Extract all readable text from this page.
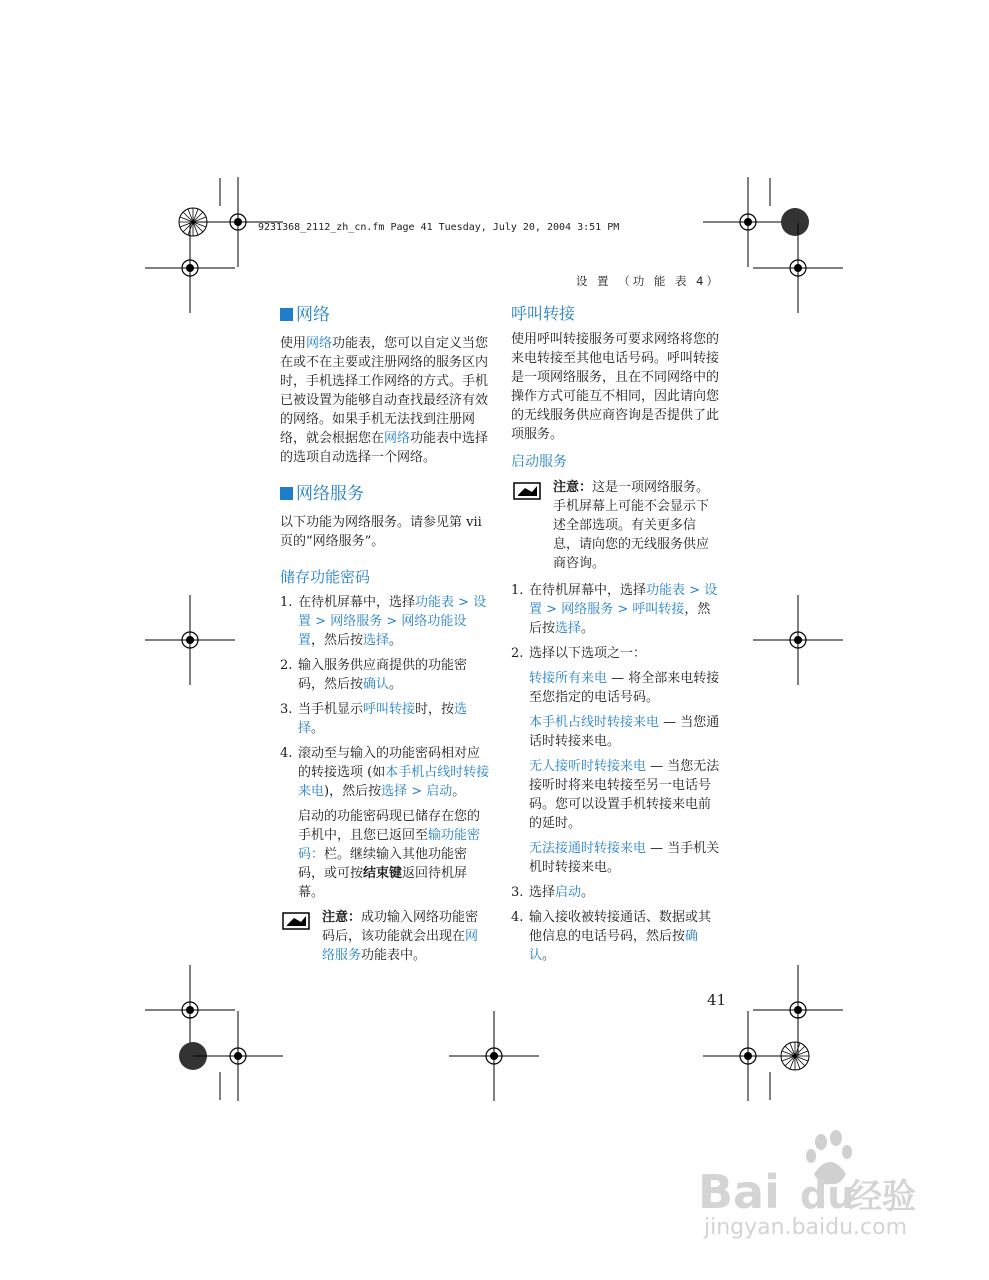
9231368_2112_zh_cn.fm Page 41 Tuesday, July 20, 2004 3:51 PM
设 置 （功 能 表 4）
网络
使用网络功能表，您可以自定义当您在或不在主要或注册网络的服务区内时，手机选择工作网络的方式。手机已被设置为能够自动查找最经济有效的网络。如果手机无法找到注册网络，就会根据您在网络功能表中选择的选项自动选择一个网络。
网络服务
以下功能为网络服务。请参见第 vii 页的“网络服务”。
储存功能密码
1. 在待机屏幕中，选择功能表 > 设置 > 网络服务 > 网络功能设置，然后按选择。
2. 输入服务供应商提供的功能密码，然后按确认。
3. 当手机显示呼叫转接时，按选择。
4. 滚动至与输入的功能密码相对应的转接选项 (如本手机占线时转接来电)，然后按选择 > 启动。
启动的功能密码现已储存在您的手机中，且您已返回至输功能密码：栏。继续输入其他功能密码，或可按结束键返回待机屏幕。
注意：成功输入网络功能密码后，该功能就会出现在网络服务功能表中。
呼叫转接
使用呼叫转接服务可要求网络将您的来电转接至其他电话号码。呼叫转接是一项网络服务，且在不同网络中的操作方式可能互不相同，因此请向您的无线服务供应商咨询是否提供了此项服务。
启动服务
注意：这是一项网络服务。手机屏幕上可能不会显示下述全部选项。有关更多信息，请向您的无线服务供应商咨询。
1. 在待机屏幕中，选择功能表 > 设置 > 网络服务 > 呼叫转接，然后按选择。
2. 选择以下选项之一：
转接所有来电 — 将全部来电转接至您指定的电话号码。
本手机占线时转接来电 — 当您通话时转接来电。
无人接听时转接来电 — 当您无法接听时将来电转接至另一电话号码。您可以设置手机转接来电前的延时。
无法接通时转接来电 — 当手机关机时转接来电。
3. 选择启动。
4. 输入接收被转接通话、数据或其他信息的电话号码，然后按确认。
41
Bai du
经验
jingyan.baidu.com
